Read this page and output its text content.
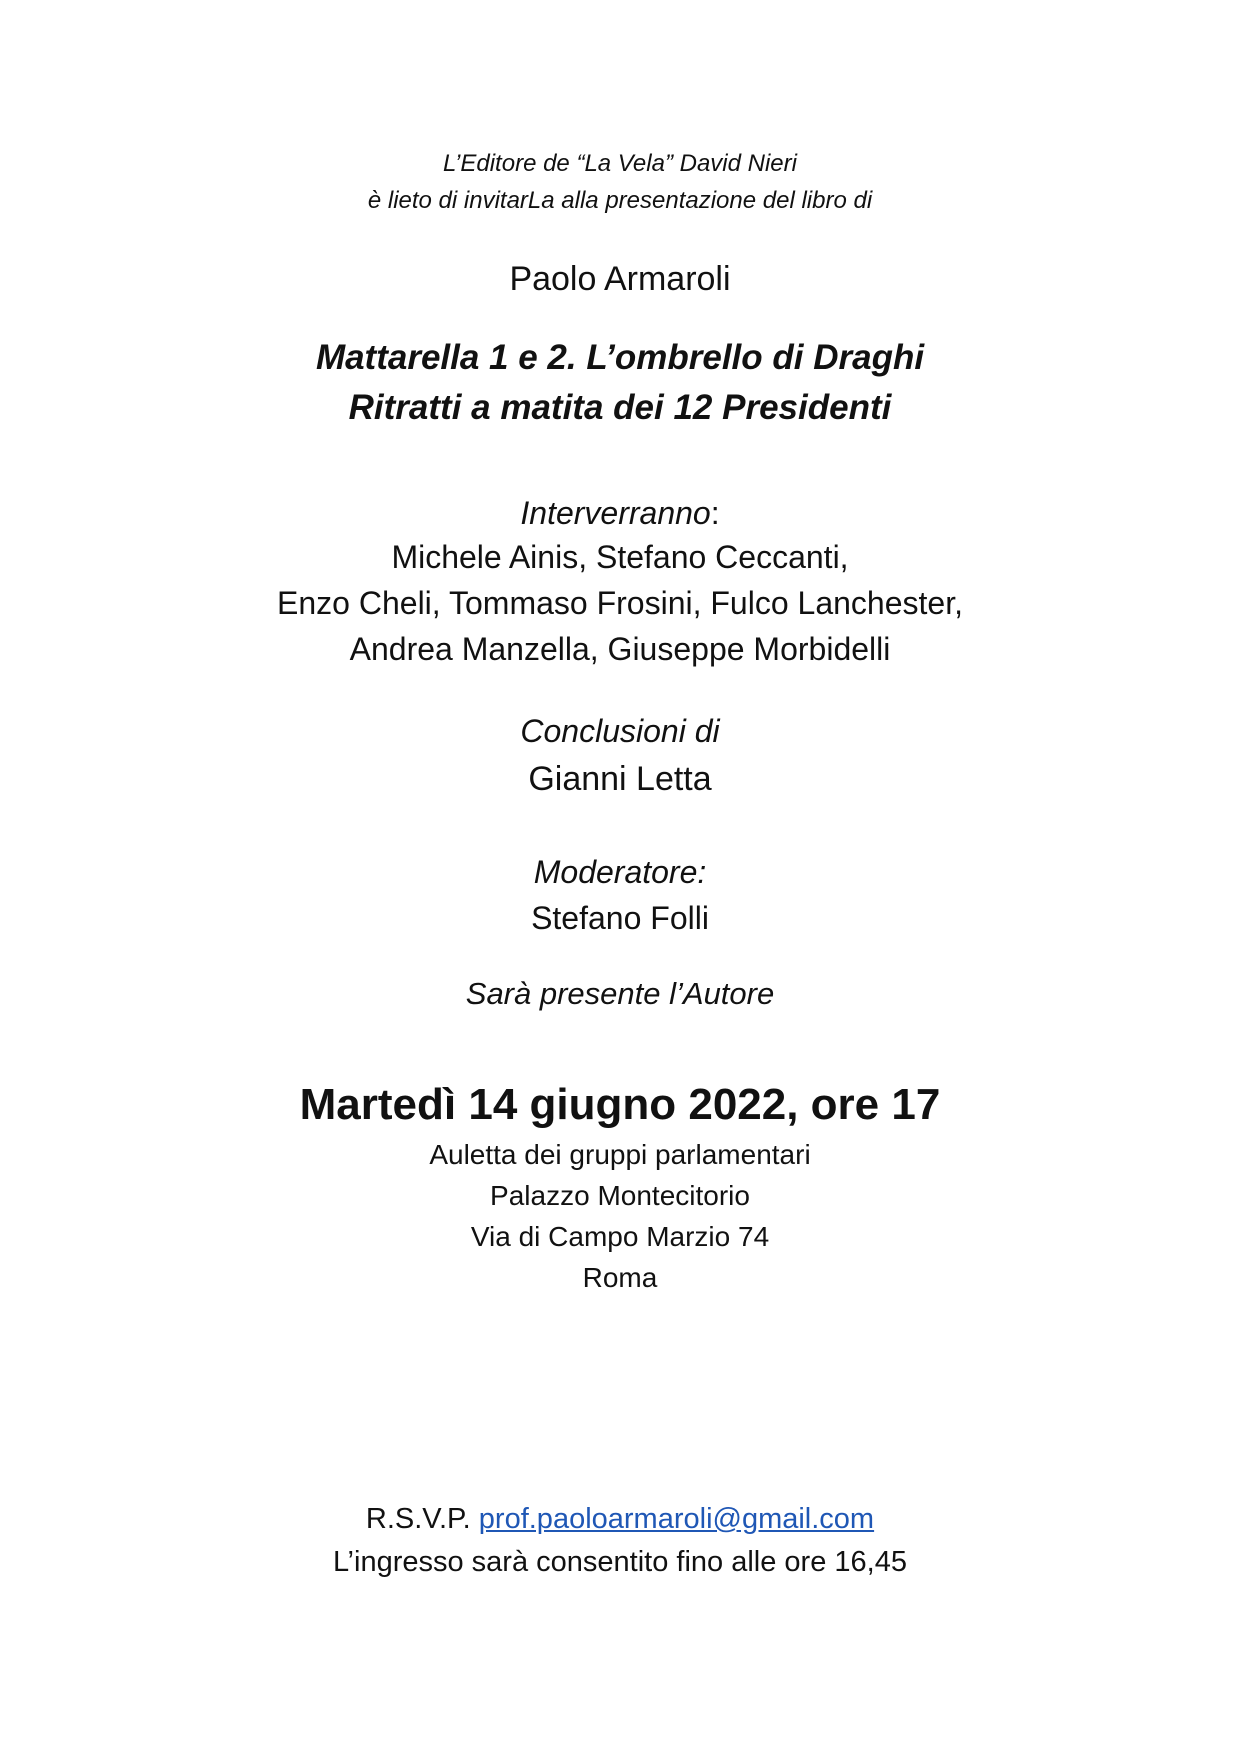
L’Editore de “La Vela” David Nieri
è lieto di invitarLa alla presentazione del libro di
Paolo Armaroli
Mattarella 1 e 2. L’ombrello di Draghi
Ritratti a matita dei 12 Presidenti
Interverranno:
Michele Ainis, Stefano Ceccanti,
Enzo Cheli, Tommaso Frosini, Fulco Lanchester,
Andrea Manzella, Giuseppe Morbidelli
Conclusioni di
Gianni Letta
Moderatore:
Stefano Folli
Sarà presente l’Autore
Martedì 14 giugno 2022, ore 17
Auletta dei gruppi parlamentari
Palazzo Montecitorio
Via di Campo Marzio 74
Roma
R.S.V.P. prof.paoloarmaroli@gmail.com
L’ingresso sarà consentito fino alle ore 16,45
